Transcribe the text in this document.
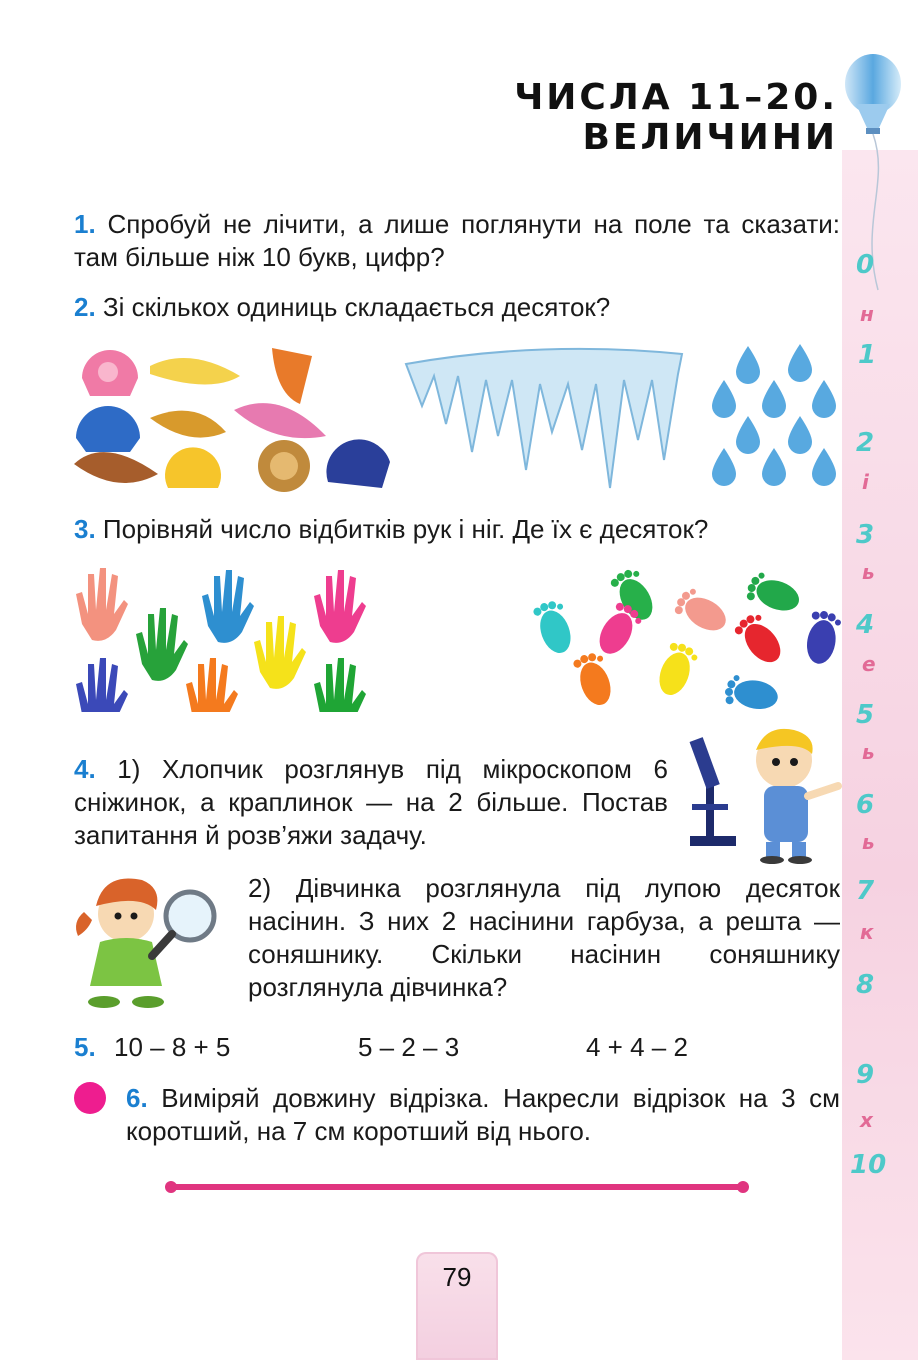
ЧИСЛА 11–20.
ВЕЛИЧИНИ
0
1
2
3
4
5
6
7
8
9
10
н
і
ь
е
ь
ь
к
х
1. Спробуй не лічити, а лише поглянути на поле та сказати: там більше ніж 10 букв, цифр?
2. Зі скількох одиниць складається десяток?
3. Порівняй число відбитків рук і ніг. Де їх є десяток?
4. 1) Хлопчик розглянув під мікроскопом 6 сніжинок, а краплинок — на 2 більше. Постав запитання й розв’яжи задачу.
2) Дівчинка розглянула під лупою десяток насінин. З них 2 насінини гарбуза, а решта — соняшнику. Скільки насінин соняшнику розглянула дівчинка?
5. 10 – 8 + 5	5 – 2 – 3	4 + 4 – 2
6. Виміряй довжину відрізка. Накресли відрізок на 3 см коротший, на 7 см коротший від нього.
79
